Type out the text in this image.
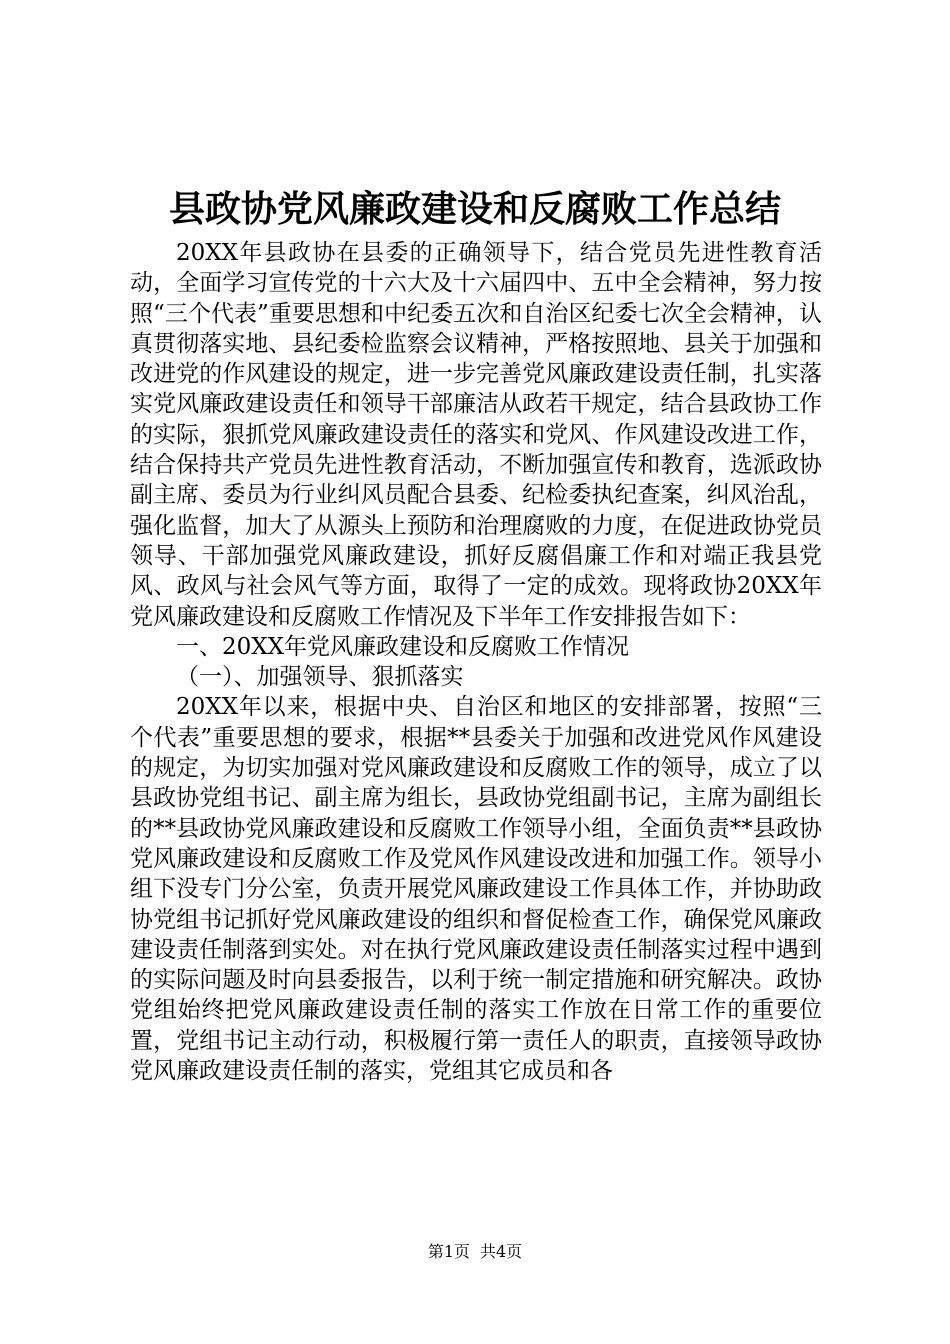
县政协党风廉政建设和反腐败工作总结

20XX年县政协在县委的正确领导下，结合党员先进性教育活动，全面学习宣传党的十六大及十六届四中、五中全会精神，努力按照“三个代表”重要思想和中纪委五次和自治区纪委七次全会精神，认真贯彻落实地、县纪委检监察会议精神，严格按照地、县关于加强和改进党的作风建设的规定，进一步完善党风廉政建设责任制，扎实落实党风廉政建设责任和领导干部廉洁从政若干规定，结合县政协工作的实际，狠抓党风廉政建设责任的落实和党风、作风建设改进工作，结合保持共产党员先进性教育活动，不断加强宣传和教育，选派政协副主席、委员为行业纠风员配合县委、纪检委执纪查案，纠风治乱，强化监督，加大了从源头上预防和治理腐败的力度，在促进政协党员领导、干部加强党风廉政建设，抓好反腐倡廉工作和对端正我县党风、政风与社会风气等方面，取得了一定的成效。现将政协20XX年党风廉政建设和反腐败工作情况及下半年工作安排报告如下：

一、20XX年党风廉政建设和反腐败工作情况

（一）、加强领导、狠抓落实

20XX年以来，根据中央、自治区和地区的安排部署，按照“三个代表”重要思想的要求，根据**县委关于加强和改进党风作风建设的规定，为切实加强对党风廉政建设和反腐败工作的领导，成立了以县政协党组书记、副主席为组长，县政协党组副书记，主席为副组长的**县政协党风廉政建设和反腐败工作领导小组，全面负责**县政协党风廉政建设和反腐败工作及党风作风建设改进和加强工作。领导小组下没专门分公室，负责开展党风廉政建设工作具体工作，并协助政协党组书记抓好党风廉政建设的组织和督促检查工作，确保党风廉政建设责任制落到实处。对在执行党风廉政建设责任制落实过程中遇到的实际问题及时向县委报告，以利于统一制定措施和研究解决。政协党组始终把党风廉政建设责任制的落实工作放在日常工作的重要位置，党组书记主动行动，积极履行第一责任人的职责，直接领导政协党风廉政建设责任制的落实，党组其它成员和各

第1页 共4页
